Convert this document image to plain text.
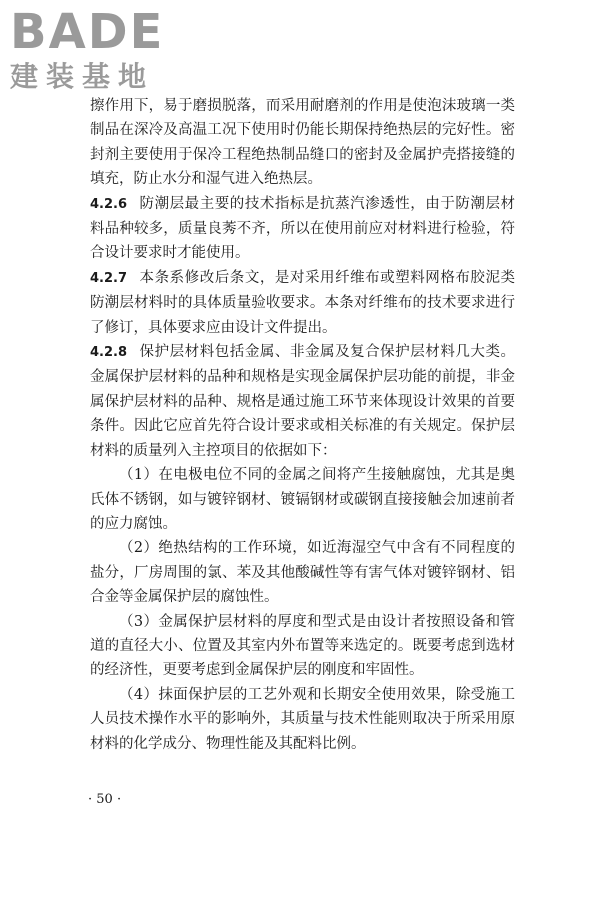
BADE
建装基地

擦作用下，易于磨损脱落，而采用耐磨剂的作用是使泡沫玻璃一类制品在深冷及高温工况下使用时仍能长期保持绝热层的完好性。密封剂主要使用于保冷工程绝热制品缝口的密封及金属护壳搭接缝的填充，防止水分和湿气进入绝热层。

4.2.6 防潮层最主要的技术指标是抗蒸汽渗透性，由于防潮层材料品种较多，质量良莠不齐，所以在使用前应对材料进行检验，符合设计要求时才能使用。

4.2.7 本条系修改后条文，是对采用纤维布或塑料网格布胶泥类防潮层材料时的具体质量验收要求。本条对纤维布的技术要求进行了修订，具体要求应由设计文件提出。

4.2.8 保护层材料包括金属、非金属及复合保护层材料几大类。金属保护层材料的品种和规格是实现金属保护层功能的前提，非金属保护层材料的品种、规格是通过施工环节来体现设计效果的首要条件。因此它应首先符合设计要求或相关标准的有关规定。保护层材料的质量列入主控项目的依据如下：

（1）在电极电位不同的金属之间将产生接触腐蚀，尤其是奥氏体不锈钢，如与镀锌钢材、镀镉钢材或碳钢直接接触会加速前者的应力腐蚀。

（2）绝热结构的工作环境，如近海湿空气中含有不同程度的盐分，厂房周围的氯、苯及其他酸碱性等有害气体对镀锌钢材、铝合金等金属保护层的腐蚀性。

（3）金属保护层材料的厚度和型式是由设计者按照设备和管道的直径大小、位置及其室内外布置等来选定的。既要考虑到选材的经济性，更要考虑到金属保护层的刚度和牢固性。

（4）抹面保护层的工艺外观和长期安全使用效果，除受施工人员技术操作水平的影响外，其质量与技术性能则取决于所采用原材料的化学成分、物理性能及其配料比例。

· 50 ·
